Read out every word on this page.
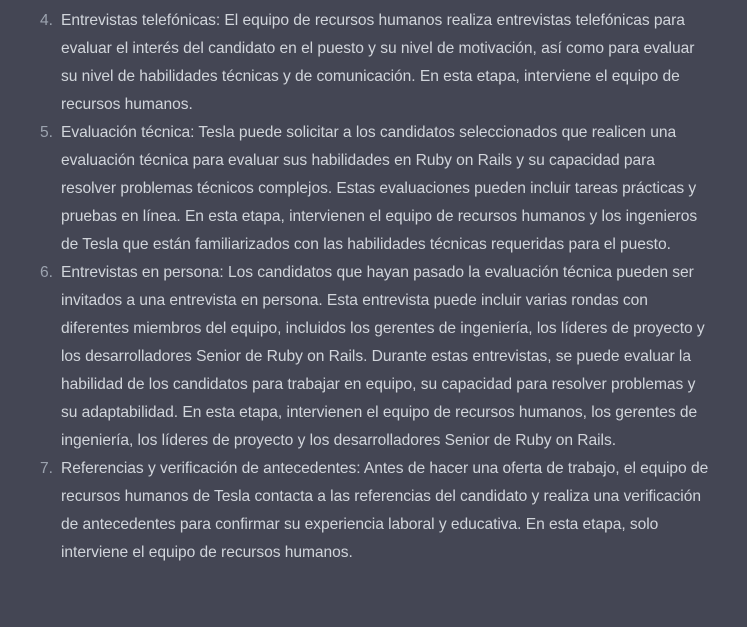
4. Entrevistas telefónicas: El equipo de recursos humanos realiza entrevistas telefónicas para evaluar el interés del candidato en el puesto y su nivel de motivación, así como para evaluar su nivel de habilidades técnicas y de comunicación. En esta etapa, interviene el equipo de recursos humanos.
5. Evaluación técnica: Tesla puede solicitar a los candidatos seleccionados que realicen una evaluación técnica para evaluar sus habilidades en Ruby on Rails y su capacidad para resolver problemas técnicos complejos. Estas evaluaciones pueden incluir tareas prácticas y pruebas en línea. En esta etapa, intervienen el equipo de recursos humanos y los ingenieros de Tesla que están familiarizados con las habilidades técnicas requeridas para el puesto.
6. Entrevistas en persona: Los candidatos que hayan pasado la evaluación técnica pueden ser invitados a una entrevista en persona. Esta entrevista puede incluir varias rondas con diferentes miembros del equipo, incluidos los gerentes de ingeniería, los líderes de proyecto y los desarrolladores Senior de Ruby on Rails. Durante estas entrevistas, se puede evaluar la habilidad de los candidatos para trabajar en equipo, su capacidad para resolver problemas y su adaptabilidad. En esta etapa, intervienen el equipo de recursos humanos, los gerentes de ingeniería, los líderes de proyecto y los desarrolladores Senior de Ruby on Rails.
7. Referencias y verificación de antecedentes: Antes de hacer una oferta de trabajo, el equipo de recursos humanos de Tesla contacta a las referencias del candidato y realiza una verificación de antecedentes para confirmar su experiencia laboral y educativa. En esta etapa, solo interviene el equipo de recursos humanos.
